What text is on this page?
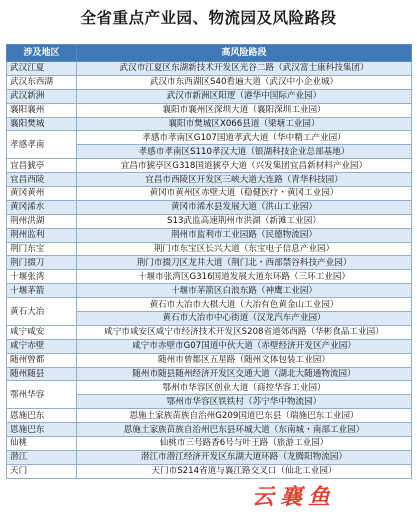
全省重点产业园、物流园及风险路段
涉及地区	高风险路段
武汉江夏	武汉市江夏区东湖新技术开发区光谷二路（武汉富士康科技集团）
武汉东西湖	武汉市东西湖区S40看遍大道（武汉中小企业城）
武汉新洲	武汉市新洲区阳逻（港华中国际产业园）
襄阳襄州	襄阳市襄州区深圳大道（襄阳深圳工业园）
襄阳樊城	襄阳市樊城区X066县道（梁塘工业园）
孝感孝南	孝感市孝南区G107国道孝武大道（华中精工产业园）
	孝感市孝南区S110孝汉大道（银湖科技企业总部基地）
宜昌猇亭	宜昌市猇亭区G318国道猇亭大道（兴发集团宜昌新材料产业园）
宜昌西陵	宜昌市西陵区开发区三峡大道大连路（青华科技园）
黄冈黄州	黄冈市黄州区赤壁大道（稳健医疗・黄冈工业园）
黄冈浠水	黄冈市浠水县发展大道（洪山工业园）
荆州洪湖	S13武监高速荆州市洪湖（新滩工业园）
荆州监利	荆州市监利市工业园路（民德物流园）
荆门东宝	荆门市东宝区长兴大道（东宝电子信息产业园）
荆门掇刀	荆门市掇刀区龙井大道（荆门北・西部禁谷科技产业园）
十堰张湾	十堰市张湾区G316国道发展大道东环路（三环工业园）
十堰茅箭	十堰市茅箭区白浪东路（神鹰工业园）
黄石大冶	黄石市大冶市大棋大道（大冶有色黄金山工业园）
	黄石市大冶市中心街道（汉龙汽车产业园）
咸宁咸安	咸宁市咸安区咸宁市经济技术开发区S208省道郊西路（华彬食品工业园）
咸宁赤壁	咸宁市赤壁市G07国道中伙大道（赤壁经济开发区产业园）
随州曾都	随州市曾都区五星路（随州文体包装工业园）
随州随县	随州市随县随州经济开发区交通大道（湖北大随通物流园）
鄂州华容	鄂州市华容区创业大道（商控华容工业园）
	鄂州市华容区铁铁村（苏宁华中物流园）
恩施巴东	恩施土家族苗族自治州G209国道巴东县（瑞施巴东工业园）
恩施巴东	恩施土家族苗族自治州巴东县环城大道（东南城・南部工业园）
仙桃	仙桃市三号路香6号与叶王路（旅游工业园）
潜江	潜江市潜江经济开发区东湖大道环路（龙腾阳物流园）
天门	天门市S214省道与襄江路交叉口（仙北工业园）
云襄鱼
